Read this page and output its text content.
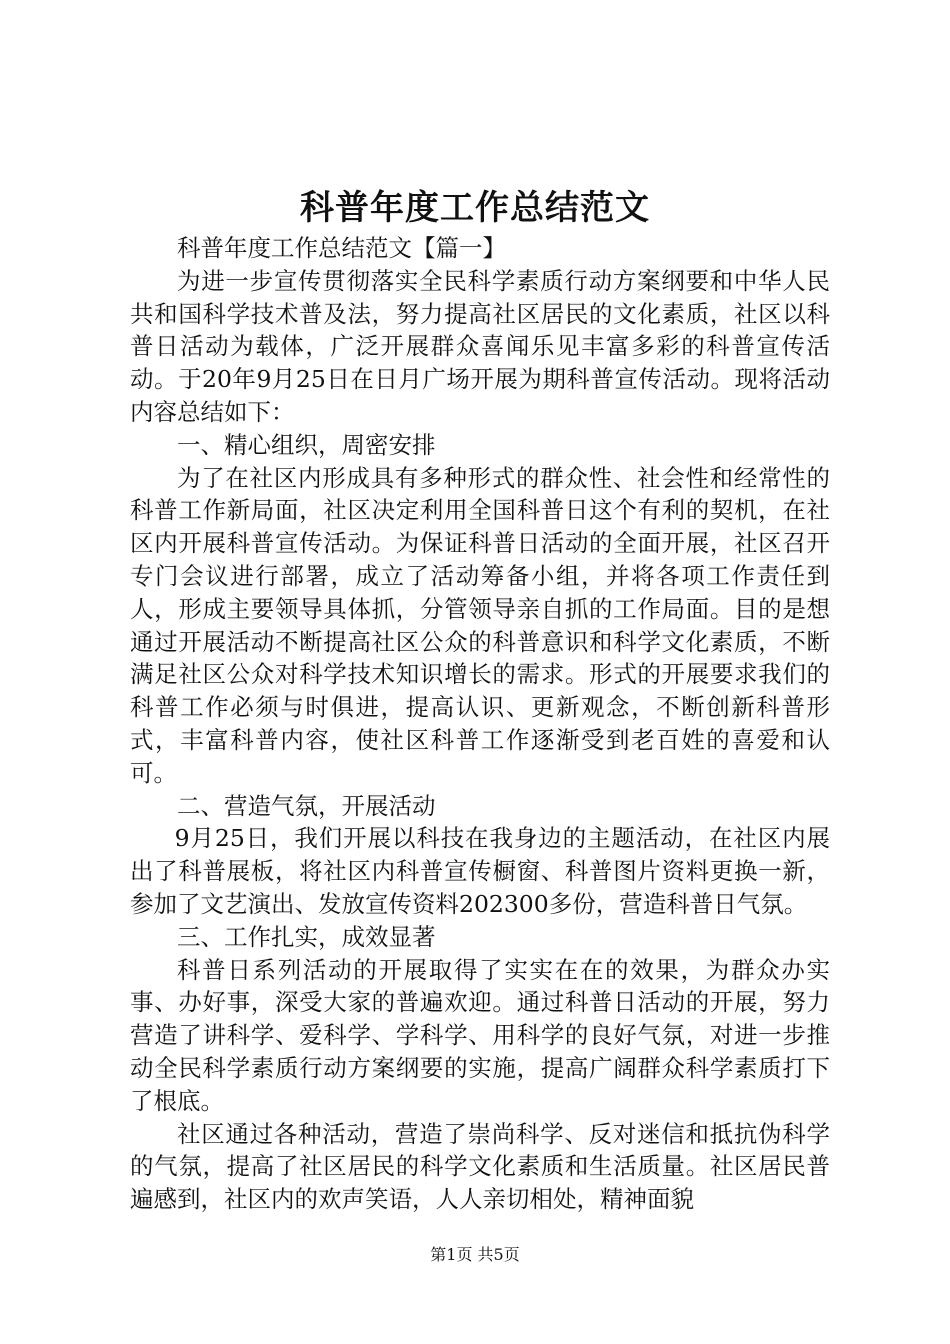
科普年度工作总结范文

科普年度工作总结范文【篇一】

为进一步宣传贯彻落实全民科学素质行动方案纲要和中华人民共和国科学技术普及法，努力提高社区居民的文化素质，社区以科普日活动为载体，广泛开展群众喜闻乐见丰富多彩的科普宣传活动。于20年9月25日在日月广场开展为期科普宣传活动。现将活动内容总结如下：

一、精心组织，周密安排

为了在社区内形成具有多种形式的群众性、社会性和经常性的科普工作新局面，社区决定利用全国科普日这个有利的契机，在社区内开展科普宣传活动。为保证科普日活动的全面开展，社区召开专门会议进行部署，成立了活动筹备小组，并将各项工作责任到人，形成主要领导具体抓，分管领导亲自抓的工作局面。目的是想通过开展活动不断提高社区公众的科普意识和科学文化素质，不断满足社区公众对科学技术知识增长的需求。形式的开展要求我们的科普工作必须与时俱进，提高认识、更新观念，不断创新科普形式，丰富科普内容，使社区科普工作逐渐受到老百姓的喜爱和认可。

二、营造气氛，开展活动

9月25日，我们开展以科技在我身边的主题活动，在社区内展出了科普展板，将社区内科普宣传橱窗、科普图片资料更换一新，参加了文艺演出、发放宣传资料202300多份，营造科普日气氛。

三、工作扎实，成效显著

科普日系列活动的开展取得了实实在在的效果，为群众办实事、办好事，深受大家的普遍欢迎。通过科普日活动的开展，努力营造了讲科学、爱科学、学科学、用科学的良好气氛，对进一步推动全民科学素质行动方案纲要的实施，提高广阔群众科学素质打下了根底。

社区通过各种活动，营造了崇尚科学、反对迷信和抵抗伪科学的气氛，提高了社区居民的科学文化素质和生活质量。社区居民普遍感到，社区内的欢声笑语，人人亲切相处，精神面貌

第1页 共5页
